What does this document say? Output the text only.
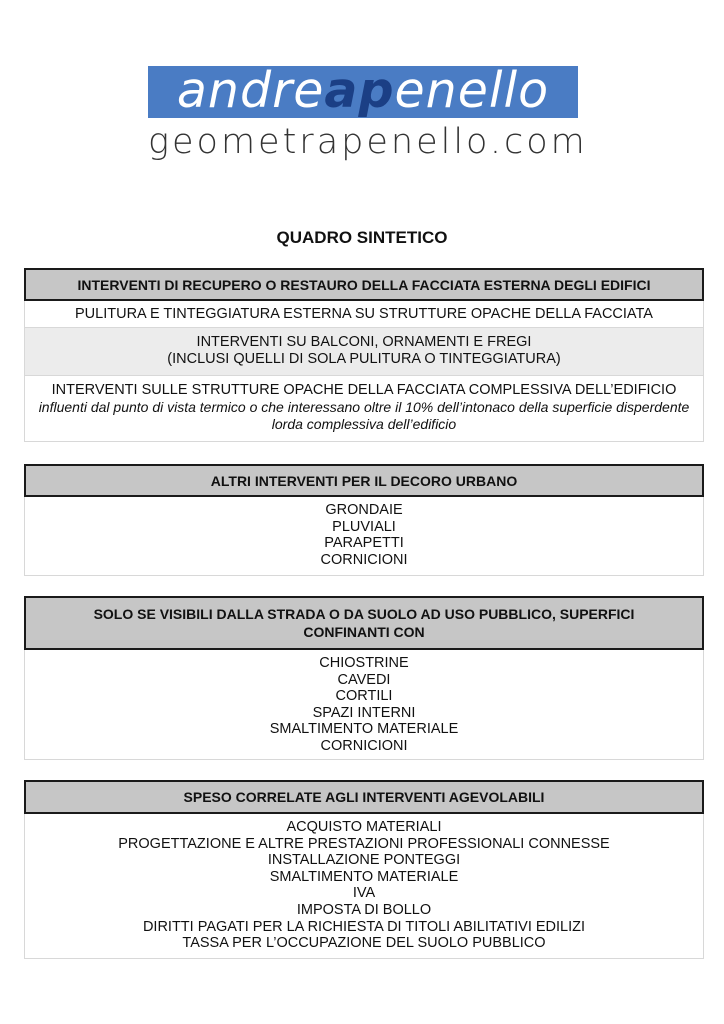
andreapenello
geometrapenello.com
QUADRO SINTETICO
INTERVENTI DI RECUPERO O RESTAURO DELLA FACCIATA ESTERNA DEGLI EDIFICI
PULITURA E TINTEGGIATURA ESTERNA SU STRUTTURE OPACHE DELLA FACCIATA
INTERVENTI SU BALCONI, ORNAMENTI E FREGI
(INCLUSI QUELLI DI SOLA PULITURA O TINTEGGIATURA)
INTERVENTI SULLE STRUTTURE OPACHE DELLA FACCIATA COMPLESSIVA DELL’EDIFICIO
influenti dal punto di vista termico o che interessano oltre il 10% dell’intonaco della superficie disperdente lorda complessiva dell’edificio
ALTRI INTERVENTI PER IL DECORO URBANO
GRONDAIE
PLUVIALI
PARAPETTI
CORNICIONI
SOLO SE VISIBILI DALLA STRADA O DA SUOLO AD USO PUBBLICO, SUPERFICI CONFINANTI CON
CHIOSTRINE
CAVEDI
CORTILI
SPAZI INTERNI
SMALTIMENTO MATERIALE
CORNICIONI
SPESO CORRELATE AGLI INTERVENTI AGEVOLABILI
ACQUISTO MATERIALI
PROGETTAZIONE E ALTRE PRESTAZIONI PROFESSIONALI CONNESSE
INSTALLAZIONE PONTEGGI
SMALTIMENTO MATERIALE
IVA
IMPOSTA DI BOLLO
DIRITTI PAGATI PER LA RICHIESTA DI TITOLI ABILITATIVI EDILIZI
TASSA PER L’OCCUPAZIONE DEL SUOLO PUBBLICO
